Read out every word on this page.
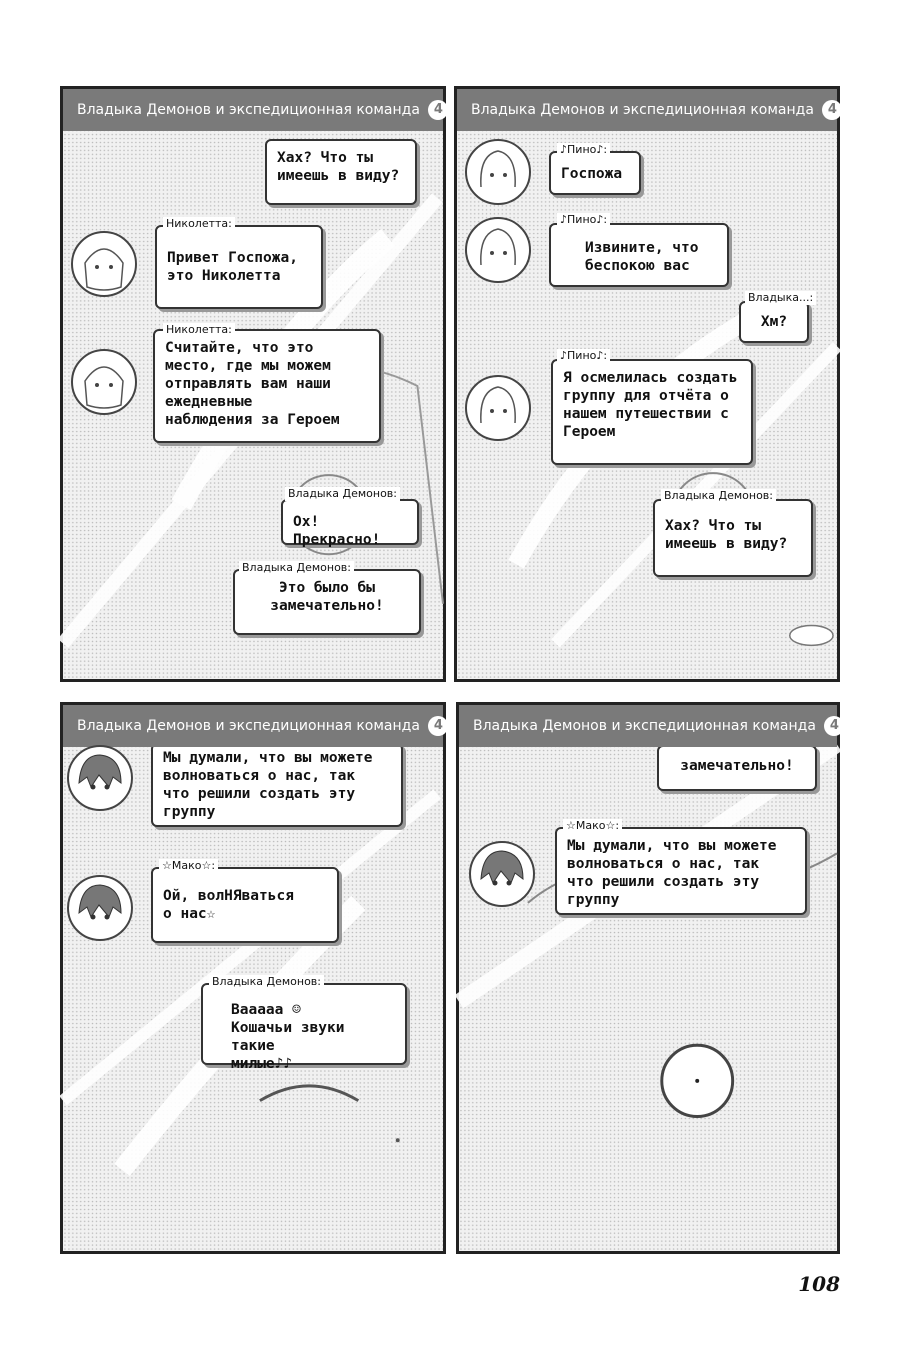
Владыка Демонов и экспедиционная команда 4
Хах? Что ты
имеешь в виду?
Николетта:
Привет Госпожа,
это Николетта
Николетта:
Считайте, что это
место, где мы можем
отправлять вам наши
ежедневные
наблюдения за Героем
Владыка Демонов:
Ох! Прекрасно!
Владыка Демонов:
Это было бы
замечательно!
Владыка Демонов и экспедиционная команда 4
♪Пино♪:
Госпожа
♪Пино♪:
Извините, что
беспокою вас
Владыка...:
Хм?
♪Пино♪:
Я осмелилась создать
группу для отчёта о
нашем путешествии с
Героем
Владыка Демонов:
Хах? Что ты
имеешь в виду?
Владыка Демонов и экспедиционная команда 4
Мы думали, что вы можете
волноваться о нас, так
что решили создать эту
группу
☆Мако☆:
Ой, волНЯваться
о нас☆
Владыка Демонов:
Вааааа ☺
Кошачьи звуки такие
милые♪♪
Владыка Демонов и экспедиционная команда 4
замечательно!
☆Мако☆:
Мы думали, что вы можете
волноваться о нас, так
что решили создать эту
группу
108
